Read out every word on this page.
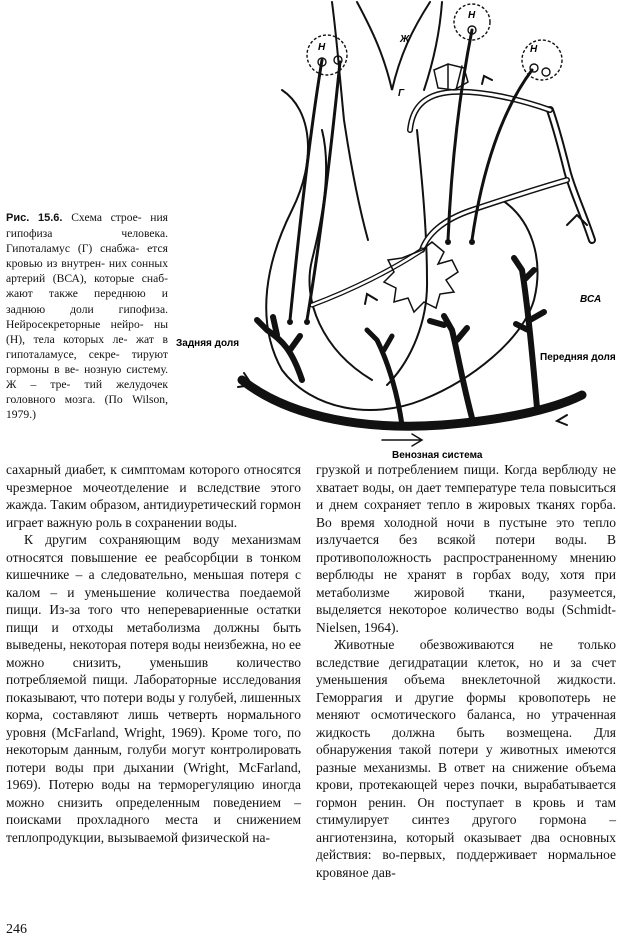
Ж
Г
Н
Н
Н
ВСА
Задняя доля
Передняя доля
Венозная система
Рис. 15.6. Схема строе- ния гипофиза человека. Гипоталамус (Г) снабжа- ется кровью из внутрен- них сонных артерий (ВСА), которые снаб- жают также переднюю и заднюю доли гипофиза. Нейросекреторные нейро- ны (Н), тела которых ле- жат в гипоталамусе, секре- тируют гормоны в ве- нозную систему. Ж – тре- тий желудочек головного мозга. (По Wilson, 1979.)

сахарный диабет, к симптомам которого относятся чрезмерное мочеотделение и вследствие этого жажда. Таким образом, антидиуретический гормон играет важную роль в сохранении воды.

К другим сохраняющим воду механизмам относятся повышение ее реабсорбции в тонком кишечнике – а следовательно, меньшая потеря с калом – и уменьшение количества поедаемой пищи. Из-за того что неперевариенные остатки пищи и отходы метаболизма должны быть выведены, некоторая потеря воды неизбежна, но ее можно снизить, уменьшив количество потребляемой пищи. Лабораторные исследования показывают, что потери воды у голубей, лишенных корма, составляют лишь четверть нормального уровня (McFarland, Wright, 1969). Кроме того, по некоторым данным, голуби могут контролировать потери воды при дыхании (Wright, McFarland, 1969). Потерю воды на терморегуляцию иногда можно снизить определенным поведением – поисками прохладного места и снижением теплопродукции, вызываемой физической на-

грузкой и потреблением пищи. Когда верблюду не хватает воды, он дает температуре тела повыситься и днем сохраняет тепло в жировых тканях горба. Во время холодной ночи в пустыне это тепло излучается без всякой потери воды. В противоположность распространенному мнению верблюды не хранят в горбах воду, хотя при метаболизме жировой ткани, разумеется, выделяется некоторое количество воды (Schmidt-Nielsen, 1964).

Животные обезвоживаются не только вследствие дегидратации клеток, но и за счет уменьшения объема внеклеточной жидкости. Геморрагия и другие формы кровопотерь не меняют осмотического баланса, но утраченная жидкость должна быть возмещена. Для обнаружения такой потери у животных имеются разные механизмы. В ответ на снижение объема крови, протекающей через почки, вырабатывается гормон ренин. Он поступает в кровь и там стимулирует синтез другого гормона – ангиотензина, который оказывает два основных действия: во-первых, поддерживает нормальное кровяное дав-

246
